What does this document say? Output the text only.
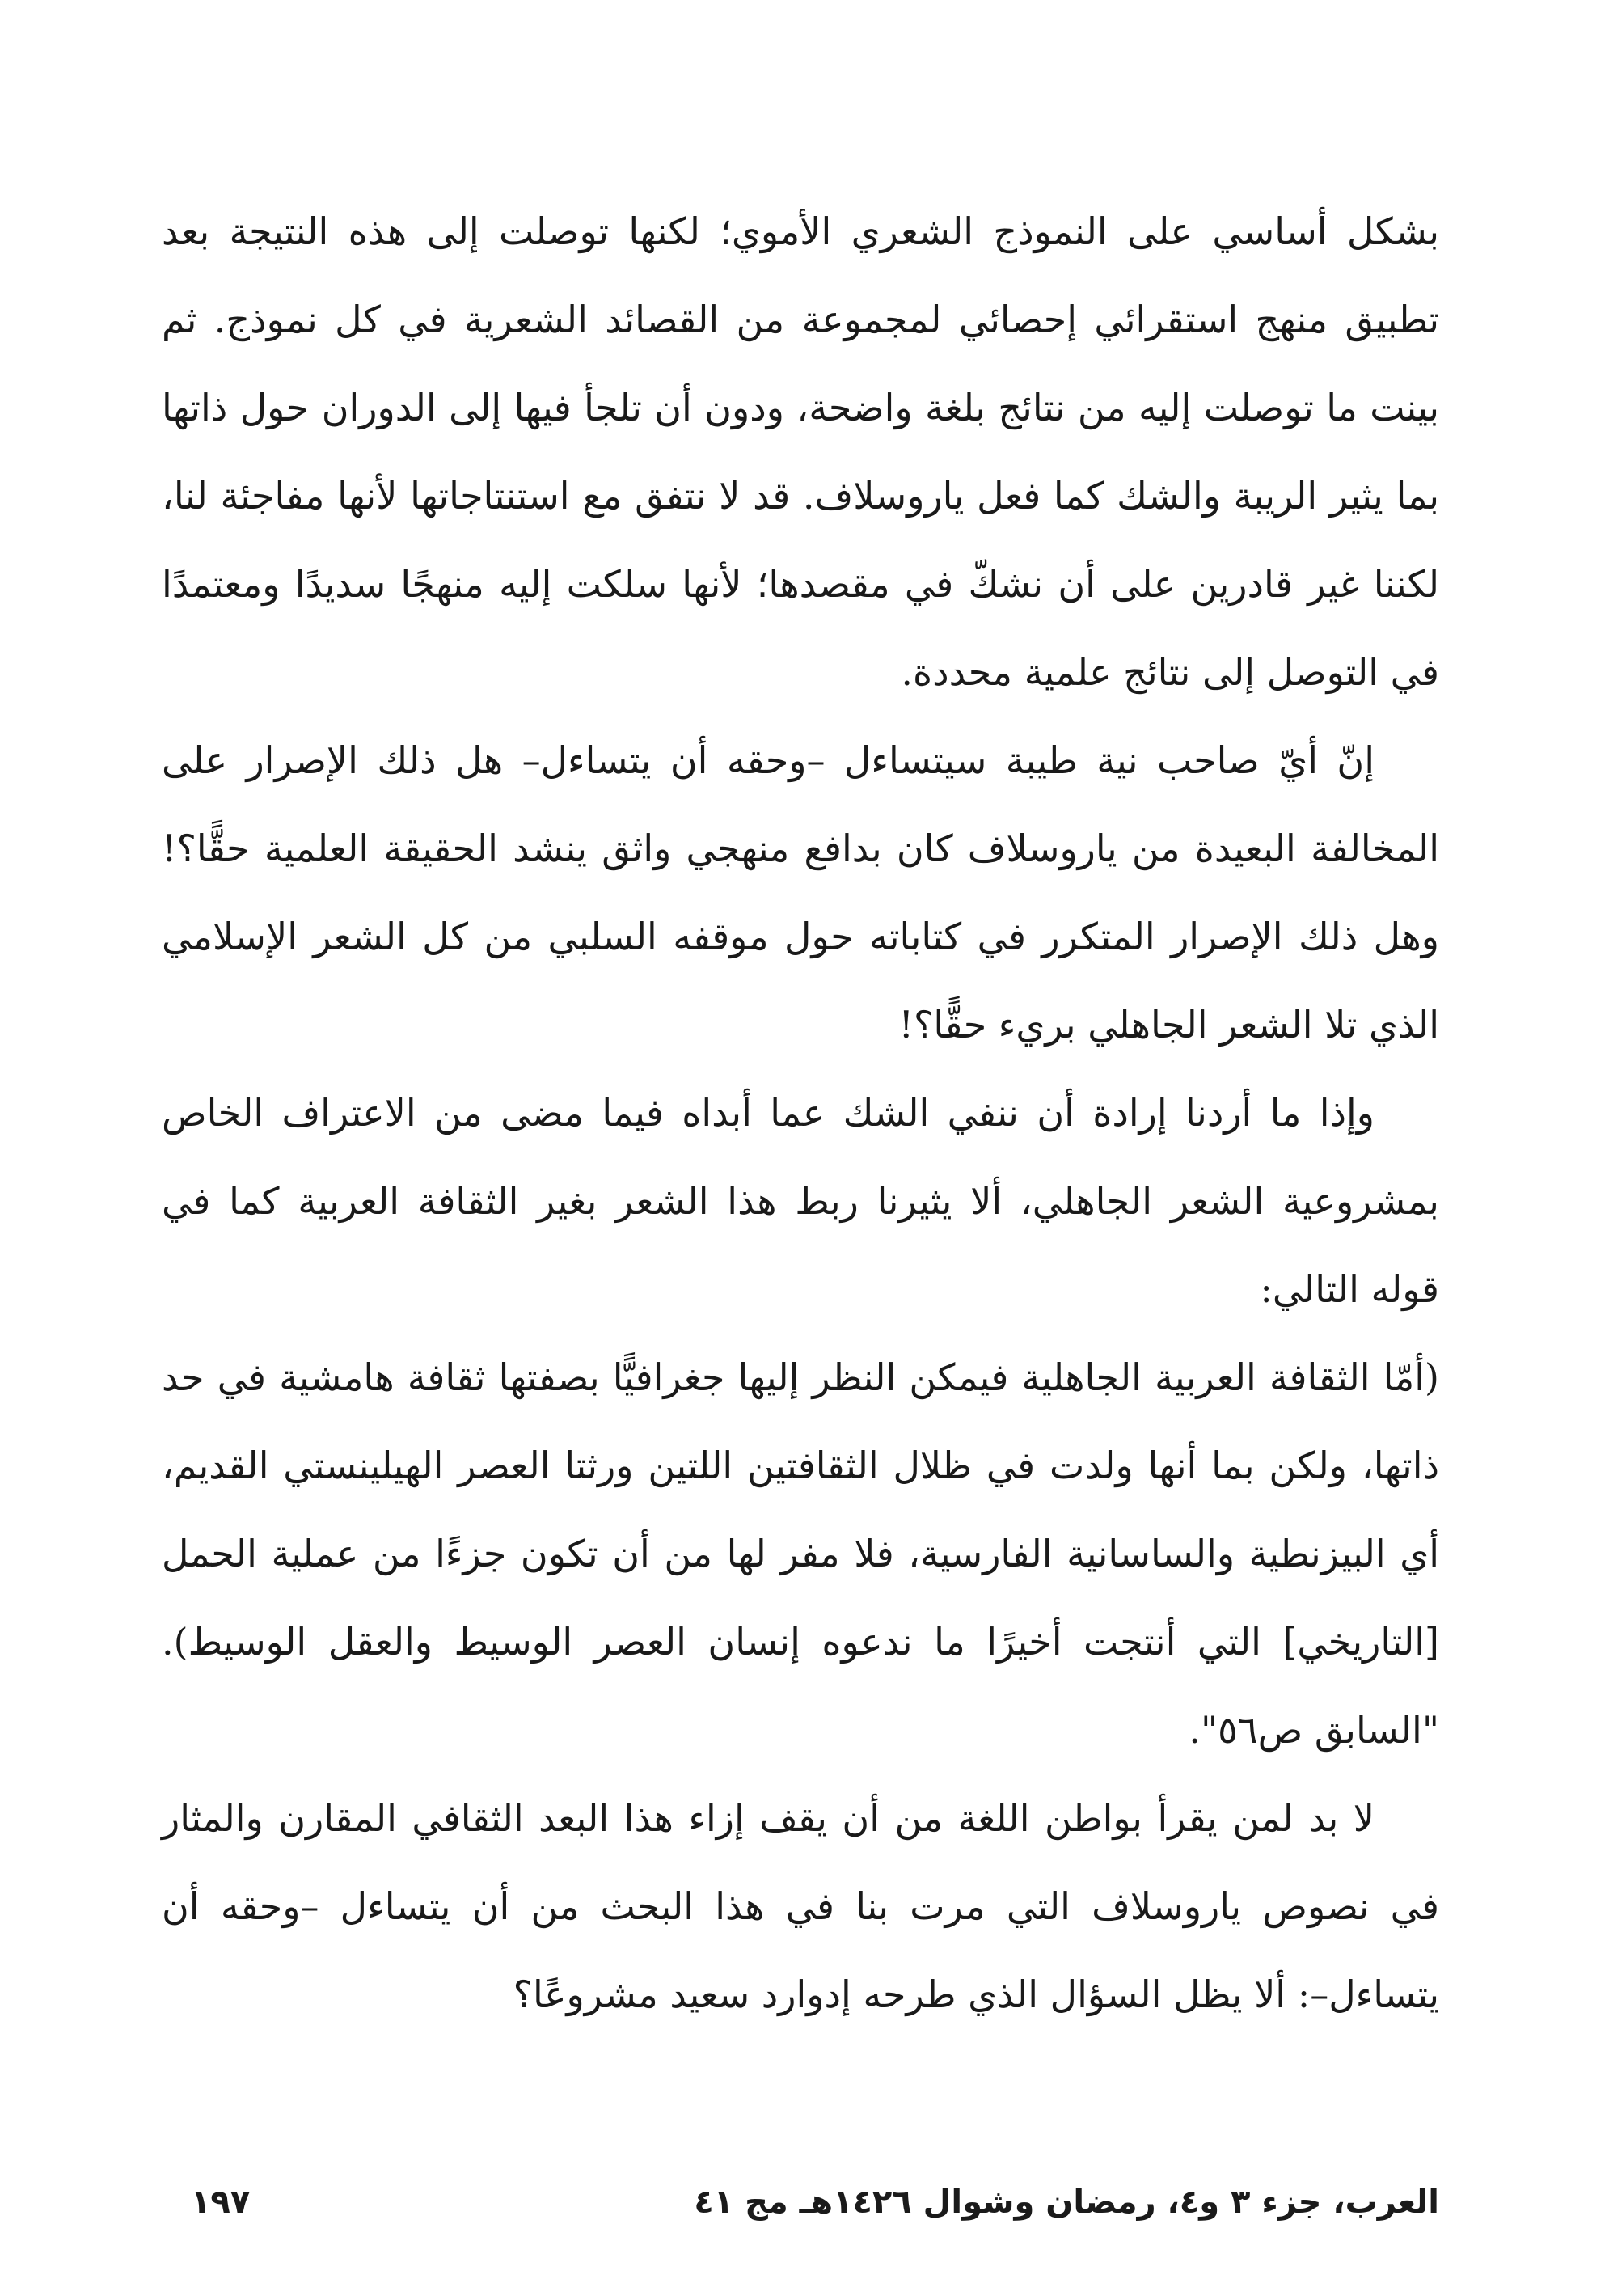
بشكل أساسي على النموذج الشعري الأموي؛ لكنها توصلت إلى هذه النتيجة بعد تطبيق منهج استقرائي إحصائي لمجموعة من القصائد الشعرية في كل نموذج. ثم بينت ما توصلت إليه من نتائج بلغة واضحة، ودون أن تلجأ فيها إلى الدوران حول ذاتها بما يثير الريبة والشك كما فعل ياروسلاف. قد لا نتفق مع استنتاجاتها لأنها مفاجئة لنا، لكننا غير قادرين على أن نشكّ في مقصدها؛ لأنها سلكت إليه منهجًا سديدًا ومعتمدًا في التوصل إلى نتائج علمية محددة.

إنّ أيّ صاحب نية طيبة سيتساءل –وحقه أن يتساءل– هل ذلك الإصرار على المخالفة البعيدة من ياروسلاف كان بدافع منهجي واثق ينشد الحقيقة العلمية حقًّا؟! وهل ذلك الإصرار المتكرر في كتاباته حول موقفه السلبي من كل الشعر الإسلامي الذي تلا الشعر الجاهلي بريء حقًّا؟!

وإذا ما أردنا إرادة أن ننفي الشك عما أبداه فيما مضى من الاعتراف الخاص بمشروعية الشعر الجاهلي، ألا يثيرنا ربط هذا الشعر بغير الثقافة العربية كما في قوله التالي:

(أمّا الثقافة العربية الجاهلية فيمكن النظر إليها جغرافيًّا بصفتها ثقافة هامشية في حد ذاتها، ولكن بما أنها ولدت في ظلال الثقافتين اللتين ورثتا العصر الهيلينستي القديم، أي البيزنطية والساسانية الفارسية، فلا مفر لها من أن تكون جزءًا من عملية الحمل [التاريخي] التي أنتجت أخيرًا ما ندعوه إنسان العصر الوسيط والعقل الوسيط). "السابق ص٥٦".

لا بد لمن يقرأ بواطن اللغة من أن يقف إزاء هذا البعد الثقافي المقارن والمثار في نصوص ياروسلاف التي مرت بنا في هذا البحث من أن يتساءل –وحقه أن يتساءل–: ألا يظل السؤال الذي طرحه إدوارد سعيد مشروعًا؟

العرب، جزء ٣ و٤، رمضان وشوال ١٤٢٦هـ مج ٤١
١٩٧
